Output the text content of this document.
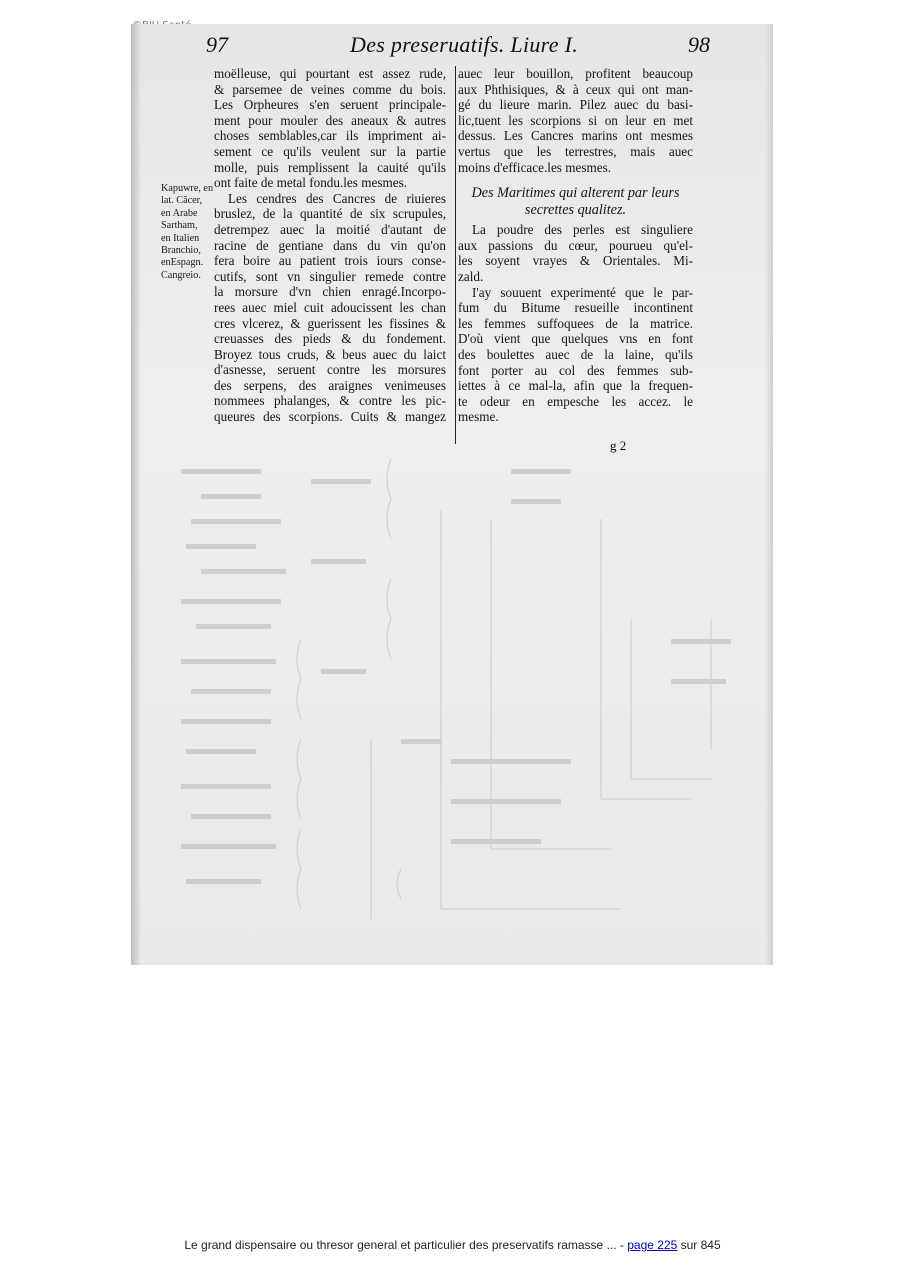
97	Des preseruatifs. Liure I.	98
Kapuwre, en
lat. Cãcer,
en Arabe
Sartham,
en Italien
Branchio,
enEspagn.
Cangreio.
moëlleuse, qui pourtant est assez rude,
& parsemee de veines comme du bois.
Les Orpheures s'en seruent principale-
ment pour mouler des aneaux & autres
choses semblables,car ils impriment ai-
sement ce qu'ils veulent sur la partie
molle, puis remplissent la cauité qu'ils
ont faite de metal fondu.les mesmes.
Les cendres des Cancres de riuieres
bruslez, de la quantité de six scrupules,
detrempez auec la moitié d'autant de
racine de gentiane dans du vin qu'on
fera boire au patient trois iours conse-
cutifs, sont vn singulier remede contre
la morsure d'vn chien enragé.Incorpo-
rees auec miel cuit adoucissent les chan
cres vlcerez, & guerissent les fissines &
creuasses des pieds & du fondement.
Broyez tous cruds, & beus auec du laict
d'asnesse, seruent contre les morsures
des serpens, des araignes venimeuses
nommees phalanges, & contre les pic-
queures des scorpions. Cuits & mangez
auec leur bouillon, profitent beaucoup
aux Phthisiques, & à ceux qui ont man-
gé du lieure marin. Pilez auec du basi-
lic,tuent les scorpions si on leur en met
dessus. Les Cancres marins ont mesmes
vertus que les terrestres, mais auec
moins d'efficace.les mesmes.
Des Maritimes qui alterent par leurs
secrettes qualitez.
La poudre des perles est singuliere
aux passions du cœur, pourueu qu'el-
les soyent vrayes & Orientales. Mi-
zald.
I'ay souuent experimenté que le par-
fum du Bitume resueille incontinent
les femmes suffoquees de la matrice.
D'où vient que quelques vns en font
des boulettes auec de la laine, qu'ils
font porter au col des femmes sub-
iettes à ce mal-la, afin que la frequen-
te odeur en empesche les accez. le
mesme.
g 2
Le grand dispensaire ou thresor general et particulier des preservatifs ramasse ... - page 225 sur 845
